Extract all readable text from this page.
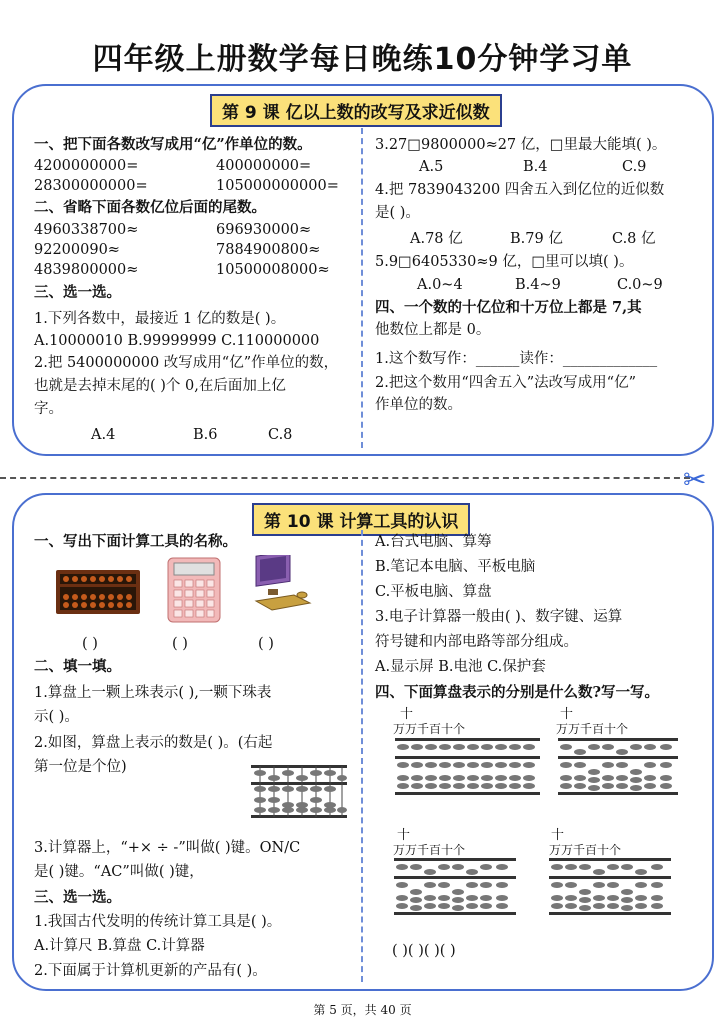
四年级上册数学每日晚练10分钟学习单
第 9 课 亿以上数的改写及求近似数
第 10 课 计算工具的认识
✂
一、把下面各数改写成用“亿”作单位的数。
4200000000=	400000000=
28300000000=	105000000000=
二、省略下面各数亿位后面的尾数。
4960338700≈	696930000≈
92200090≈	7884900800≈
4839800000≈	10500008000≈
三、选一选。
1.下列各数中，最接近 1 亿的数是( )。
A.10000010 B.99999999 C.110000000
2.把 5400000000 改写成用“亿”作单位的数，
也就是去掉末尾的( )个 0,在后面加上亿
字。
A.4	B.6	C.8
3.27□9800000≈27 亿，□里最大能填( )。
A.5	B.4	C.9
4.把 7839043200 四舍五入到亿位的近似数
是( )。
A.78 亿	B.79 亿	C.8 亿
5.9□6405330≈9 亿，□里可以填( )。
A.0~4	B.4~9	C.0~9
四、一个数的十亿位和十万位上都是 7,其
他数位上都是 0。
1.这个数写作：______读作：_____________
2.把这个数用“四舍五入”法改写成用“亿”
作单位的数。
一、写出下面计算工具的名称。
( )	( )	( )
二、填一填。
1.算盘上一颗上珠表示( ),一颗下珠表
示( )。
2.如图，算盘上表示的数是( )。(右起
第一位是个位)
3.计算器上，“+× ÷ -”叫做( )键。ON/C
是( )键。“AC”叫做( )键，
三、选一选。
1.我国古代发明的传统计算工具是( )。
A.计算尺 B.算盘 C.计算器
2.下面属于计算机更新的产品有( )。
A.台式电脑、算筹
B.笔记本电脑、平板电脑
C.平板电脑、算盘
3.电子计算器一般由( )、数字键、运算
符号键和内部电路等部分组成。
A.显示屏 B.电池 C.保护套
四、下面算盘表示的分别是什么数?写一写。
十
万万千百十个
十
万万千百十个
十
万万千百十个
十
万万千百十个
( )( )( )( )
第 5 页，共 40 页
